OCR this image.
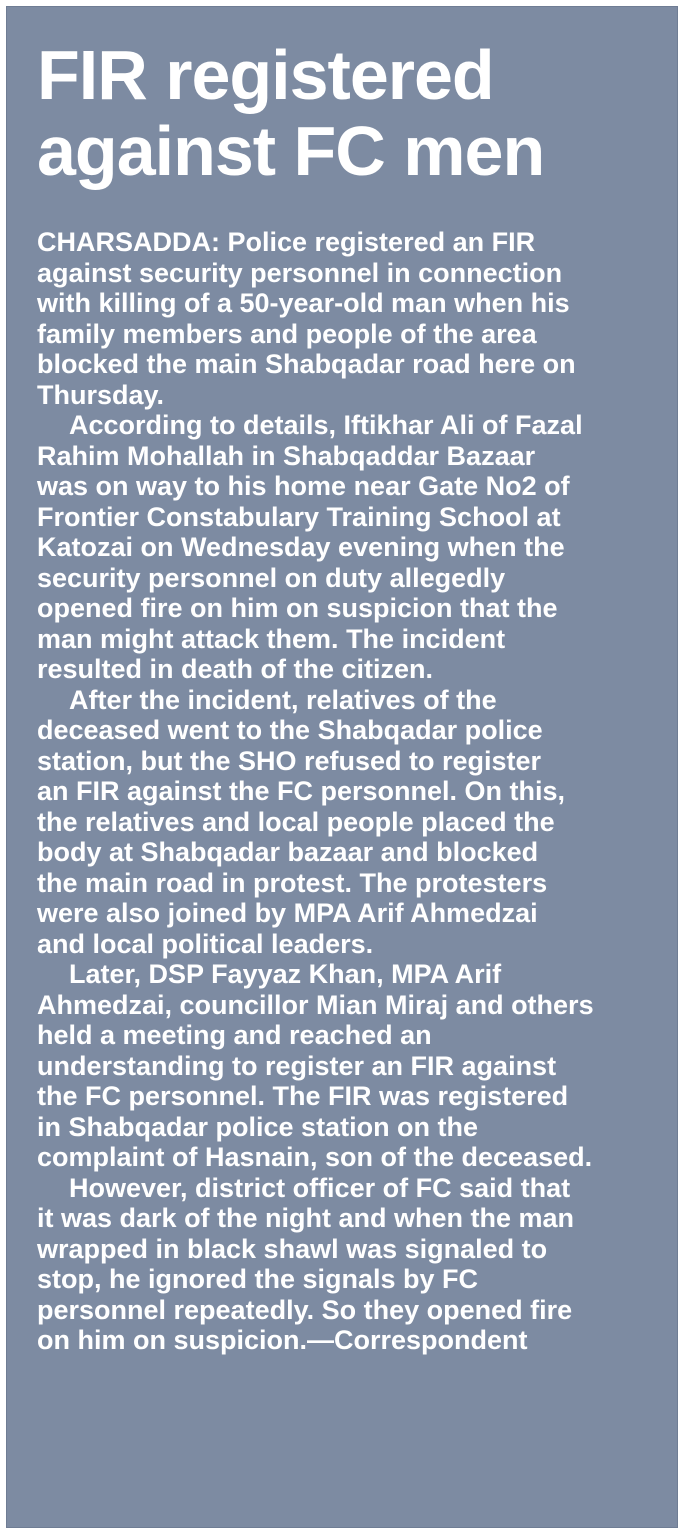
FIR registered
against FC men
CHARSADDA: Police registered an FIR
against security personnel in connection
with killing of a 50-year-old man when his
family members and people of the area
blocked the main Shabqadar road here on
Thursday.
According to details, Iftikhar Ali of Fazal
Rahim Mohallah in Shabqaddar Bazaar
was on way to his home near Gate No2 of
Frontier Constabulary Training School at
Katozai on Wednesday evening when the
security personnel on duty allegedly
opened fire on him on suspicion that the
man might attack them. The incident
resulted in death of the citizen.
After the incident, relatives of the
deceased went to the Shabqadar police
station, but the SHO refused to register
an FIR against the FC personnel. On this,
the relatives and local people placed the
body at Shabqadar bazaar and blocked
the main road in protest. The protesters
were also joined by MPA Arif Ahmedzai
and local political leaders.
Later, DSP Fayyaz Khan, MPA Arif
Ahmedzai, councillor Mian Miraj and others
held a meeting and reached an
understanding to register an FIR against
the FC personnel. The FIR was registered
in Shabqadar police station on the
complaint of Hasnain, son of the deceased.
However, district officer of FC said that
it was dark of the night and when the man
wrapped in black shawl was signaled to
stop, he ignored the signals by FC
personnel repeatedly. So they opened fire
on him on suspicion.—Correspondent
